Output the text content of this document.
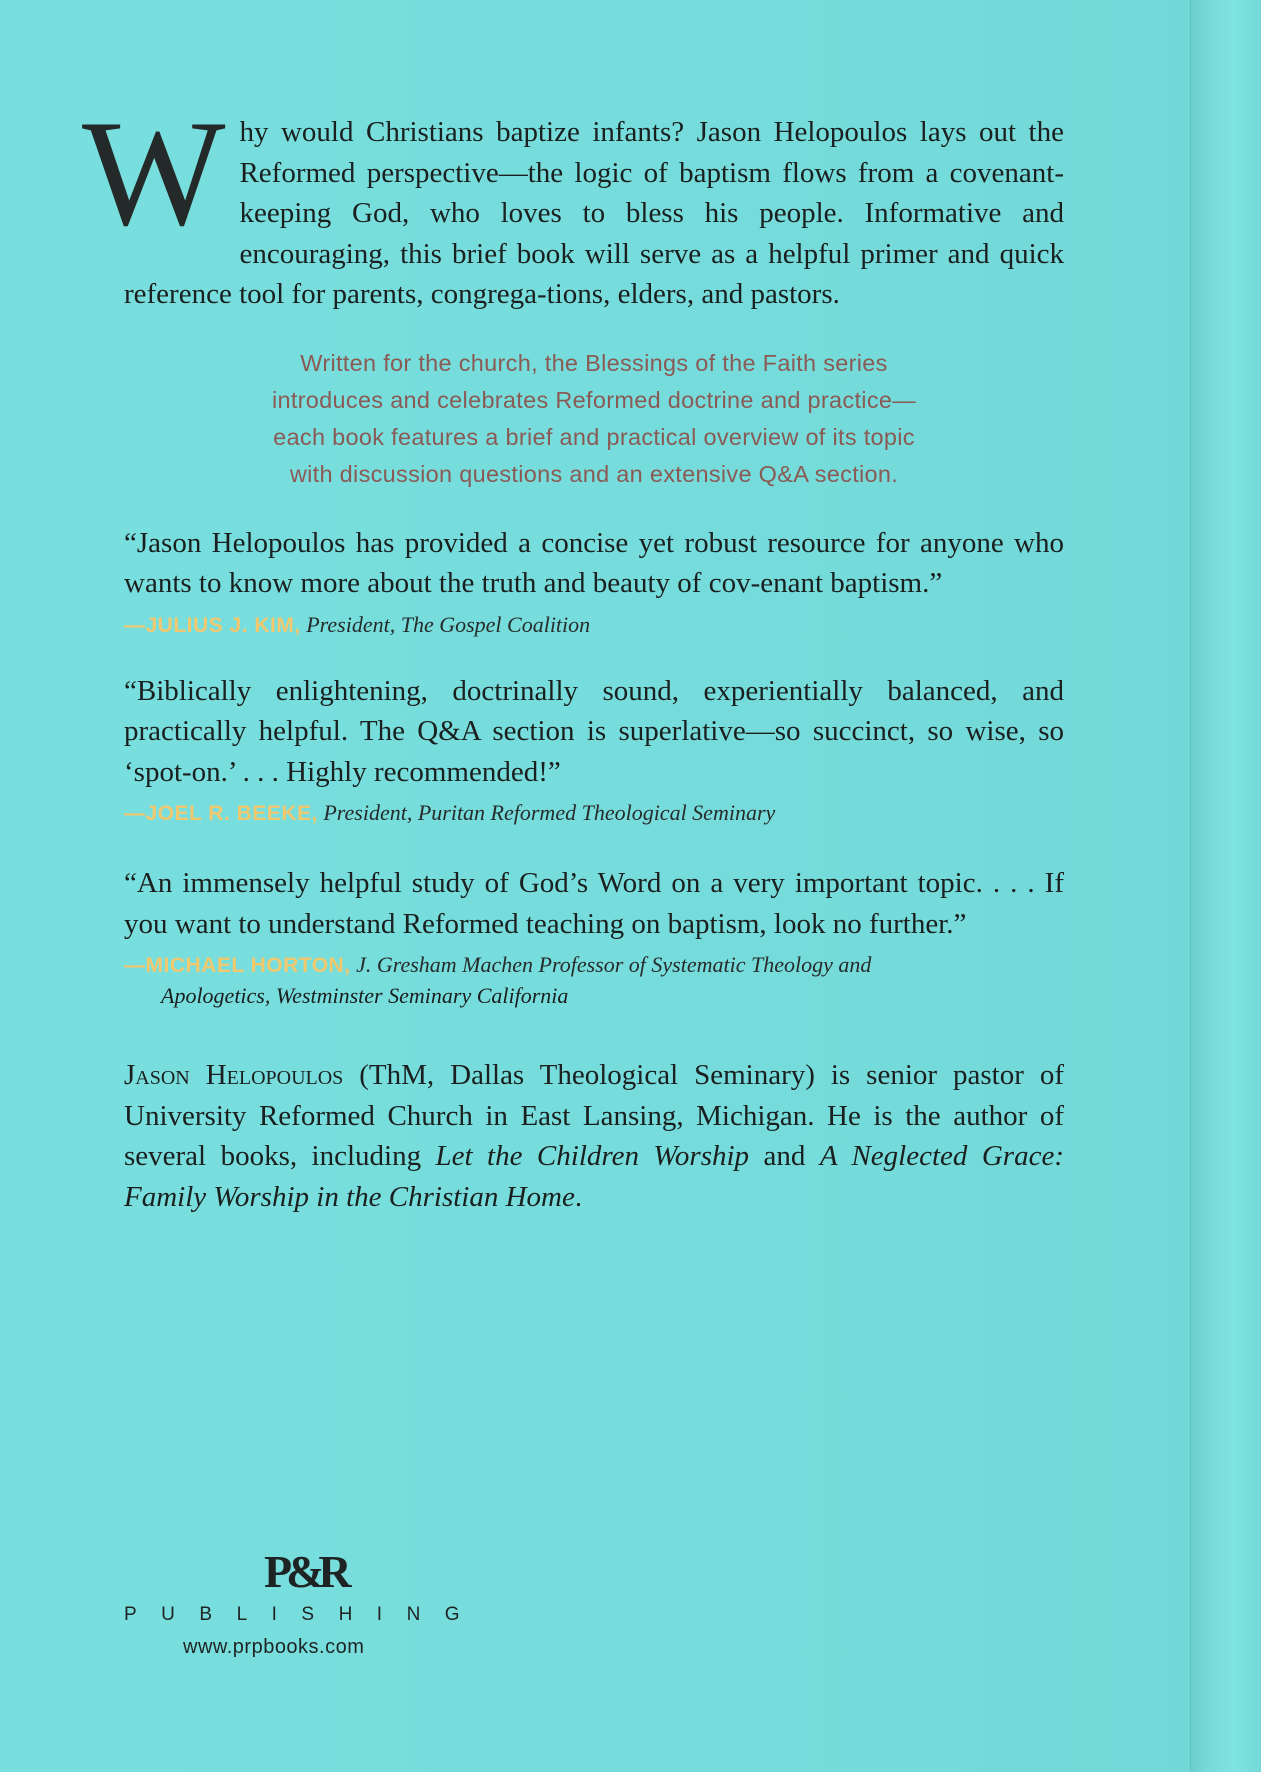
Why would Christians baptize infants? Jason Helopoulos lays out the Reformed perspective—the logic of baptism flows from a covenant-keeping God, who loves to bless his people. Informative and encouraging, this brief book will serve as a helpful primer and quick reference tool for parents, congrega-tions, elders, and pastors.

Written for the church, the Blessings of the Faith series
introduces and celebrates Reformed doctrine and practice—
each book features a brief and practical overview of its topic
with discussion questions and an extensive Q&A section.

“Jason Helopoulos has provided a concise yet robust resource for anyone who wants to know more about the truth and beauty of cov-enant baptism.”

—JULIUS J. KIM, President, The Gospel Coalition

“Biblically enlightening, doctrinally sound, experientially balanced, and practically helpful. The Q&A section is superlative—so succinct, so wise, so ‘spot-on.’ . . . Highly recommended!”

—JOEL R. BEEKE, President, Puritan Reformed Theological Seminary

“An immensely helpful study of God’s Word on a very important topic. . . . If you want to understand Reformed teaching on baptism, look no further.”

—MICHAEL HORTON, J. Gresham Machen Professor of Systematic Theology and
Apologetics, Westminster Seminary California

Jason Helopoulos (ThM, Dallas Theological Seminary) is senior pastor of University Reformed Church in East Lansing, Michigan. He is the author of several books, including Let the Children Worship and A Neglected Grace: Family Worship in the Christian Home.

P&R
PUBLISHING
www.prpbooks.com
